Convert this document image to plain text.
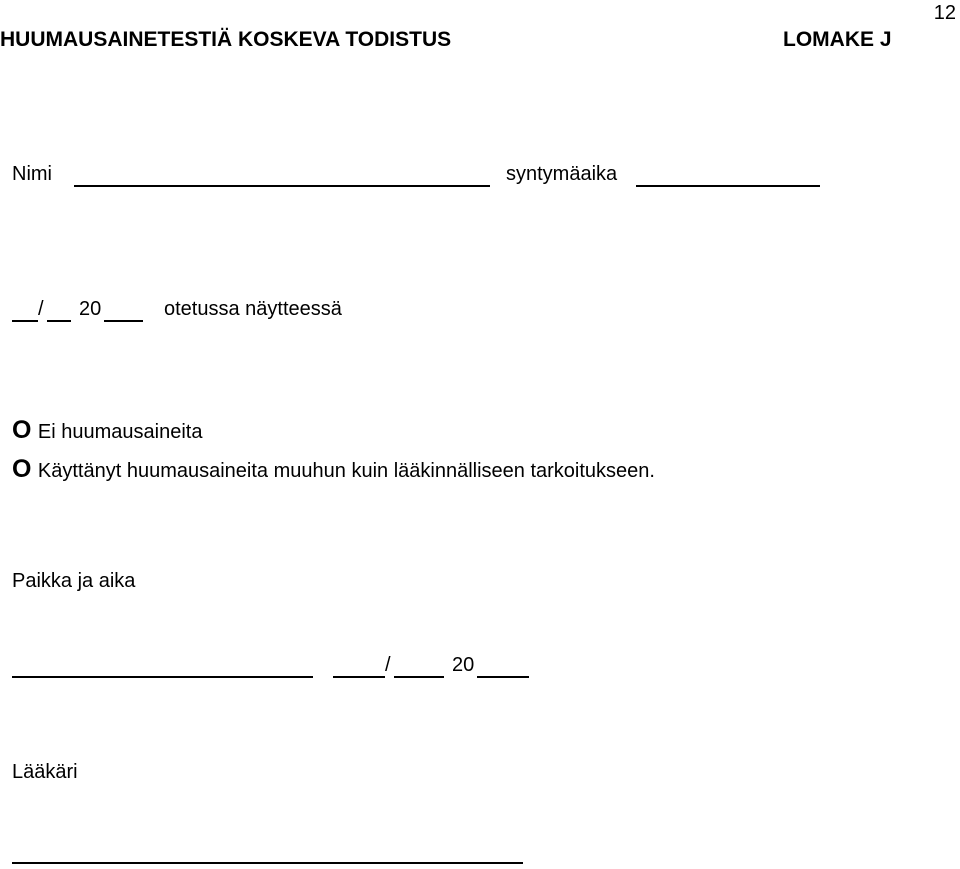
12
HUUMAUSAINETESTIÄ KOSKEVA TODISTUS	LOMAKE J
Nimi	syntymäaika
/ 20	otetussa näytteessä
O Ei huumausaineita
O Käyttänyt huumausaineita muuhun kuin lääkinnälliseen tarkoitukseen.
Paikka ja aika
/	20
Lääkäri
